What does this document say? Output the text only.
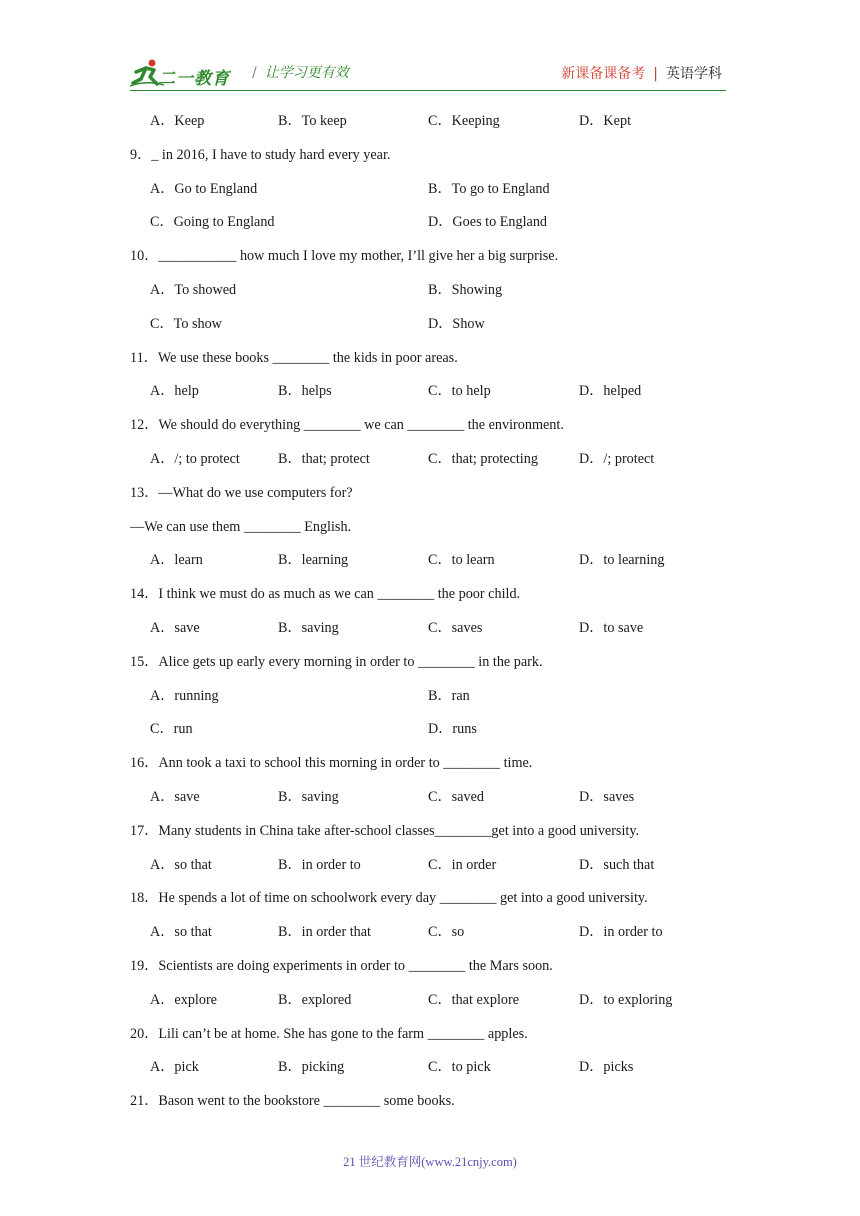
二一教育 / 让学习更有效	新课备课备考 | 英语学科
A．Keep	B．To keep	C．Keeping	D．Kept
9．_ in 2016, I have to study hard every year.
A．Go to England	B．To go to England
C．Going to England	D．Goes to England
10．___________ how much I love my mother, I’ll give her a big surprise.
A．To showed	B．Showing
C．To show	D．Show
11．We use these books ________ the kids in poor areas.
A．help	B．helps	C．to help	D．helped
12．We should do everything ________ we can ________ the environment.
A．/; to protect	B．that; protect	C．that; protecting	D．/; protect
13．—What do we use computers for?
—We can use them ________ English.
A．learn	B．learning	C．to learn	D．to learning
14．I think we must do as much as we can ________ the poor child.
A．save	B．saving	C．saves	D．to save
15．Alice gets up early every morning in order to ________ in the park.
A．running	B．ran
C．run	D．runs
16．Ann took a taxi to school this morning in order to ________ time.
A．save	B．saving	C．saved	D．saves
17．Many students in China take after-school classes________get into a good university.
A．so that	B．in order to	C．in order	D．such that
18．He spends a lot of time on schoolwork every day ________ get into a good university.
A．so that	B．in order that	C．so	D．in order to
19．Scientists are doing experiments in order to ________ the Mars soon.
A．explore	B．explored	C．that explore	D．to exploring
20．Lili can’t be at home. She has gone to the farm ________ apples.
A．pick	B．picking	C．to pick	D．picks
21．Bason went to the bookstore ________ some books.
21 世纪教育网(www.21cnjy.com)
